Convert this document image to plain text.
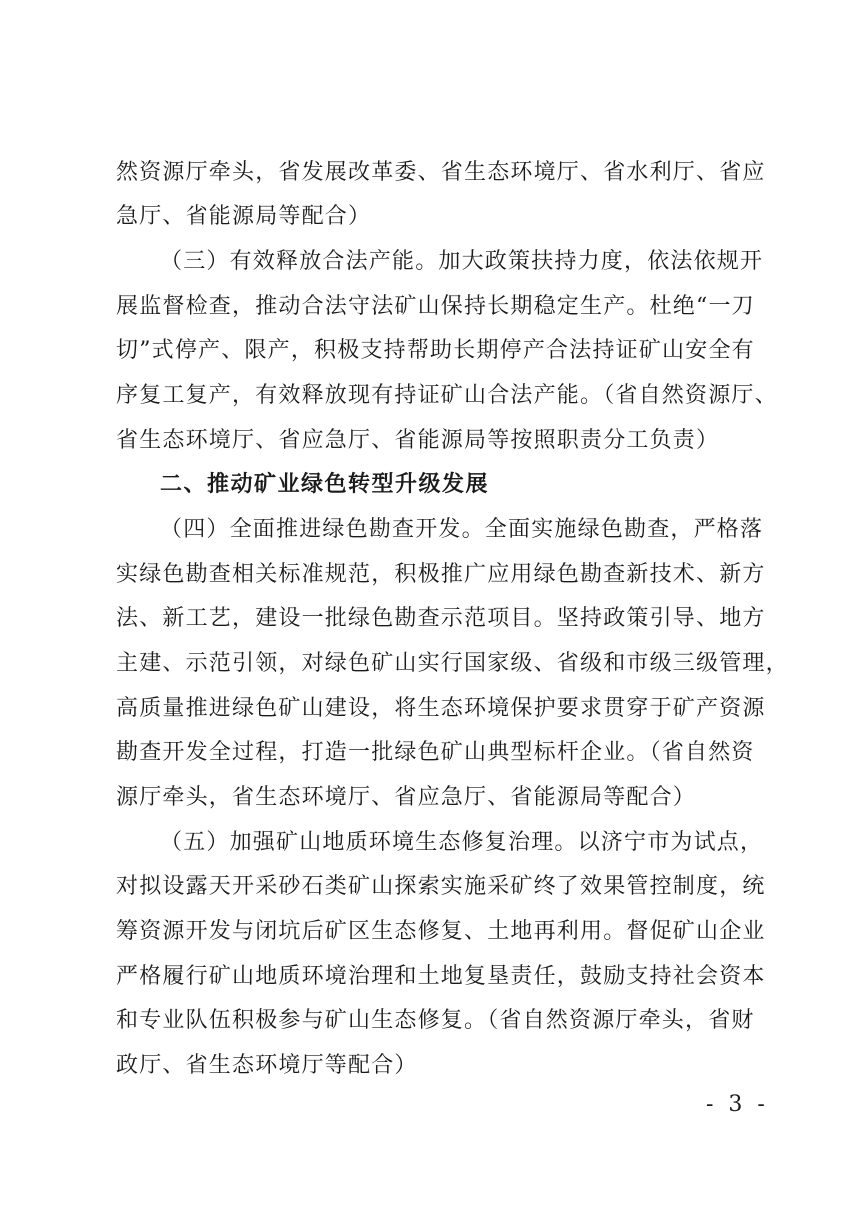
然资源厅牵头，省发展改革委、省生态环境厅、省水利厅、省应
急厅、省能源局等配合）
（三）有效释放合法产能。加大政策扶持力度，依法依规开
展监督检查，推动合法守法矿山保持长期稳定生产。杜绝“一刀
切”式停产、限产，积极支持帮助长期停产合法持证矿山安全有
序复工复产，有效释放现有持证矿山合法产能。（省自然资源厅、
省生态环境厅、省应急厅、省能源局等按照职责分工负责）
二、推动矿业绿色转型升级发展
（四）全面推进绿色勘查开发。全面实施绿色勘查，严格落
实绿色勘查相关标准规范，积极推广应用绿色勘查新技术、新方
法、新工艺，建设一批绿色勘查示范项目。坚持政策引导、地方
主建、示范引领，对绿色矿山实行国家级、省级和市级三级管理，
高质量推进绿色矿山建设，将生态环境保护要求贯穿于矿产资源
勘查开发全过程，打造一批绿色矿山典型标杆企业。（省自然资
源厅牵头，省生态环境厅、省应急厅、省能源局等配合）
（五）加强矿山地质环境生态修复治理。以济宁市为试点，
对拟设露天开采砂石类矿山探索实施采矿终了效果管控制度，统
筹资源开发与闭坑后矿区生态修复、土地再利用。督促矿山企业
严格履行矿山地质环境治理和土地复垦责任，鼓励支持社会资本
和专业队伍积极参与矿山生态修复。（省自然资源厅牵头，省财
政厅、省生态环境厅等配合）
- 3 -
